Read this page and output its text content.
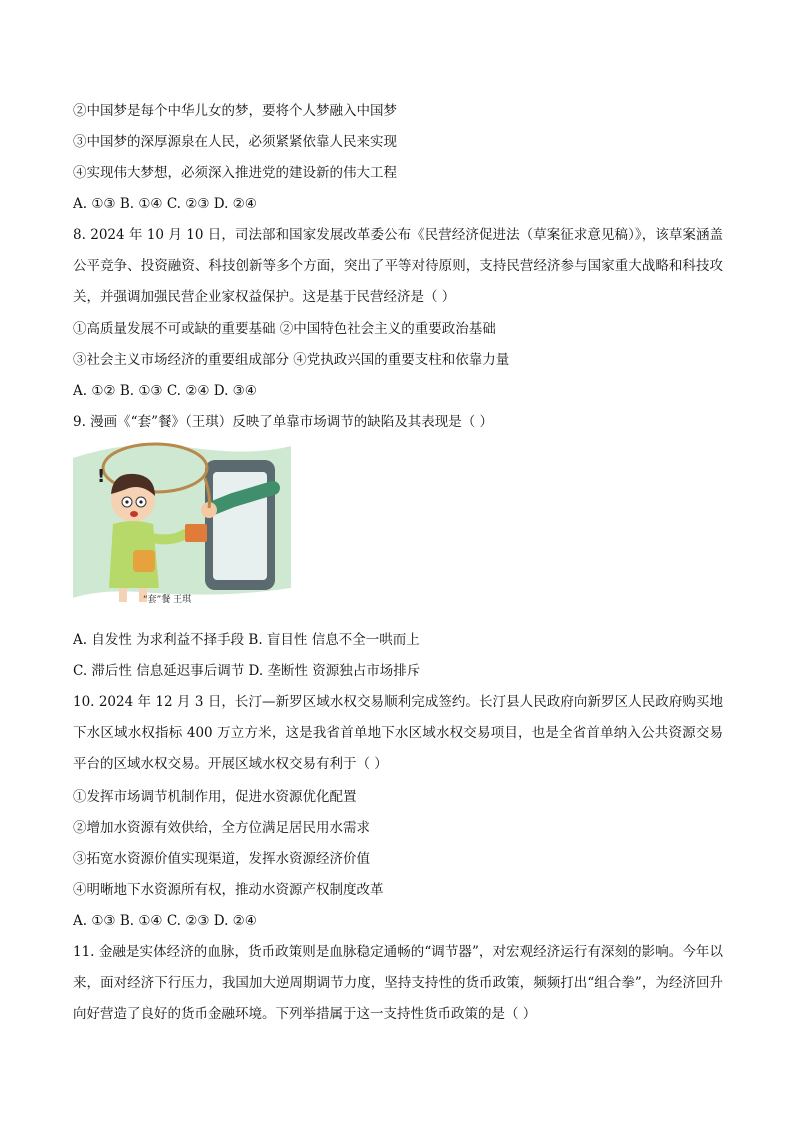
②中国梦是每个中华儿女的梦，要将个人梦融入中国梦
③中国梦的深厚源泉在人民，必须紧紧依靠人民来实现
④实现伟大梦想，必须深入推进党的建设新的伟大工程
A. ①③ B. ①④ C. ②③ D. ②④
8. 2024 年 10 月 10 日，司法部和国家发展改革委公布《民营经济促进法（草案征求意见稿）》，该草案涵盖公平竞争、投资融资、科技创新等多个方面，突出了平等对待原则，支持民营经济参与国家重大战略和科技攻关，并强调加强民营企业家权益保护。这是基于民营经济是（ ）
①高质量发展不可或缺的重要基础 ②中国特色社会主义的重要政治基础
③社会主义市场经济的重要组成部分 ④党执政兴国的重要支柱和依靠力量
A. ①② B. ①③ C. ②④ D. ③④
9. 漫画《“套”餐》（王琪）反映了单靠市场调节的缺陷及其表现是（ ）
!
“套”餐 王琪
A. 自发性 为求利益不择手段 B. 盲目性 信息不全一哄而上
C. 滞后性 信息延迟事后调节 D. 垄断性 资源独占市场排斥
10. 2024 年 12 月 3 日，长汀—新罗区域水权交易顺利完成签约。长汀县人民政府向新罗区人民政府购买地下水区域水权指标 400 万立方米，这是我省首单地下水区域水权交易项目，也是全省首单纳入公共资源交易平台的区域水权交易。开展区域水权交易有利于（ ）
①发挥市场调节机制作用，促进水资源优化配置
②增加水资源有效供给，全方位满足居民用水需求
③拓宽水资源价值实现渠道，发挥水资源经济价值
④明晰地下水资源所有权，推动水资源产权制度改革
A. ①③ B. ①④ C. ②③ D. ②④
11. 金融是实体经济的血脉，货币政策则是血脉稳定通畅的“调节器”，对宏观经济运行有深刻的影响。今年以来，面对经济下行压力，我国加大逆周期调节力度，坚持支持性的货币政策，频频打出“组合拳”，为经济回升向好营造了良好的货币金融环境。下列举措属于这一支持性货币政策的是（ ）
